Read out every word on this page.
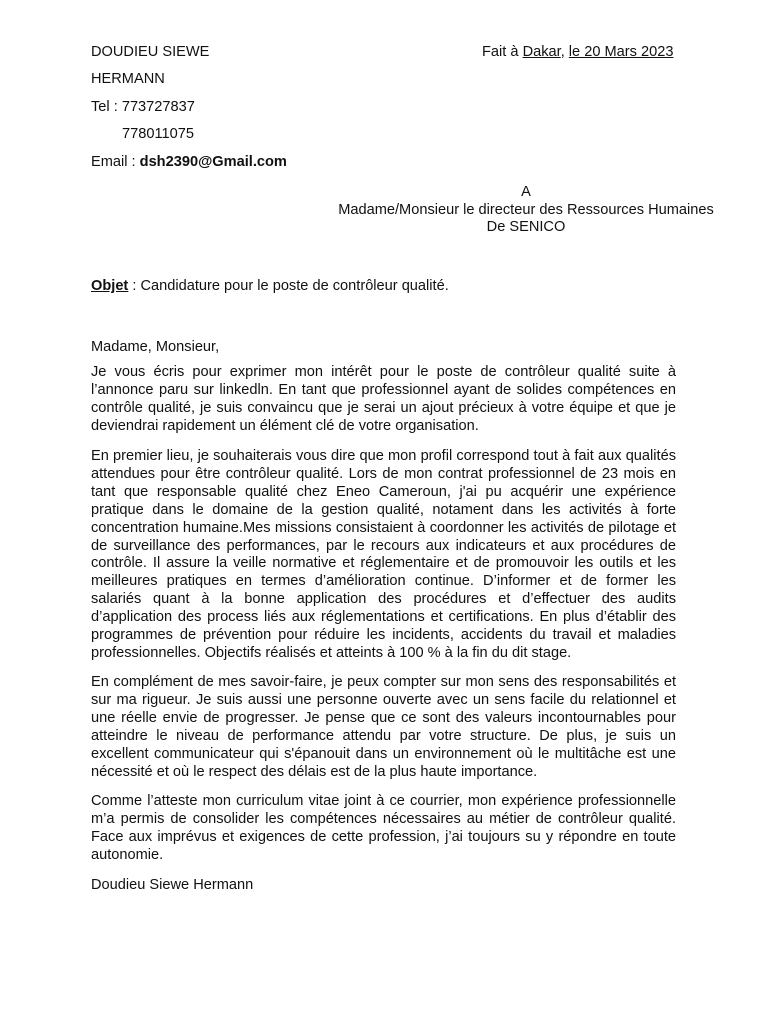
DOUDIEU SIEWE
HERMANN
Tel : 773727837
778011075
Email : dsh2390@Gmail.com
Fait à Dakar, le 20 Mars 2023
A
Madame/Monsieur le directeur des Ressources Humaines
De SENICO
Objet : Candidature pour le poste de contrôleur qualité.
Madame, Monsieur,
Je vous écris pour exprimer mon intérêt pour le poste de contrôleur qualité suite à l’annonce paru sur linkedln. En tant que professionnel ayant de solides compétences en contrôle qualité, je suis convaincu que je serai un ajout précieux à votre équipe et que je deviendrai rapidement un élément clé de votre organisation.
En premier lieu, je souhaiterais vous dire que mon profil correspond tout à fait aux qualités attendues pour être contrôleur qualité. Lors de mon contrat professionnel de 23 mois en tant que responsable qualité chez Eneo Cameroun, j'ai pu acquérir une expérience pratique dans le domaine de la gestion qualité, notament dans les activités à forte concentration humaine.Mes missions consistaient à coordonner les activités de pilotage et de surveillance des performances, par le recours aux indicateurs et aux procédures de contrôle. Il assure la veille normative et réglementaire et de promouvoir les outils et les meilleures pratiques en termes d’amélioration continue. D’informer et de former les salariés quant à la bonne application des procédures et d’effectuer des audits d’application des process liés aux réglementations et certifications. En plus d’établir des programmes de prévention pour réduire les incidents, accidents du travail et maladies professionnelles. Objectifs réalisés et atteints à 100 % à la fin du dit stage.
En complément de mes savoir-faire, je peux compter sur mon sens des responsabilités et sur ma rigueur. Je suis aussi une personne ouverte avec un sens facile du relationnel et une réelle envie de progresser. Je pense que ce sont des valeurs incontournables pour atteindre le niveau de performance attendu par votre structure. De plus, je suis un excellent communicateur qui s'épanouit dans un environnement où le multitâche est une nécessité et où le respect des délais est de la plus haute importance.
Comme l’atteste mon curriculum vitae joint à ce courrier, mon expérience professionnelle m’a permis de consolider les compétences nécessaires au métier de contrôleur qualité. Face aux imprévus et exigences de cette profession, j’ai toujours su y répondre en toute autonomie.
Doudieu Siewe Hermann
